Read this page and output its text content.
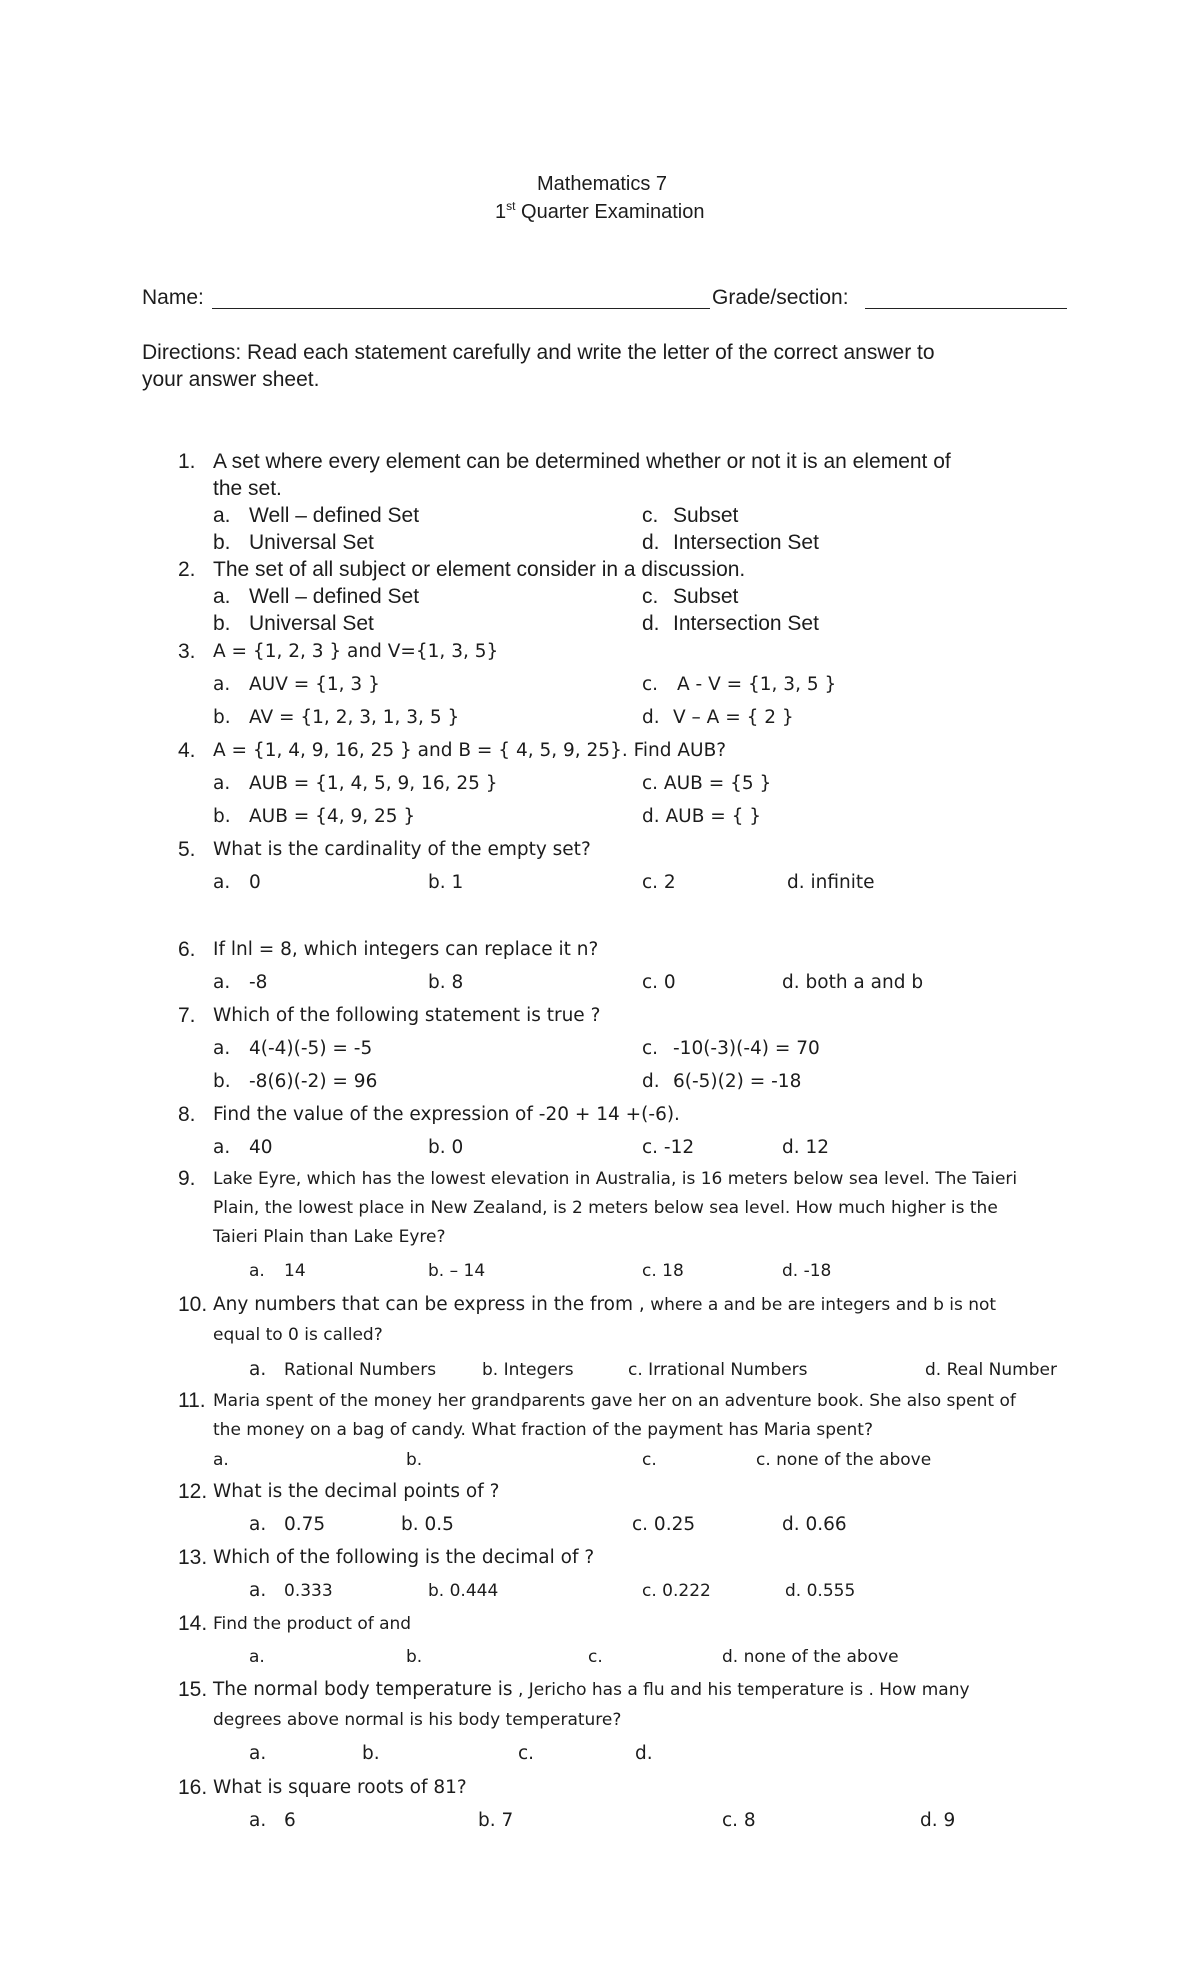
Mathematics 7
1st Quarter Examination
Name:	Grade/section:
Directions: Read each statement carefully and write the letter of the correct answer to
your answer sheet.
1. A set where every element can be determined whether or not it is an element of
the set.
a. Well – defined Set	c. Subset
b. Universal Set	d. Intersection Set
2. The set of all subject or element consider in a discussion.
a. Well – defined Set	c. Subset
b. Universal Set	d. Intersection Set
3. A = {1, 2, 3 } and V={1, 3, 5}
a. AUV = {1, 3 }	c. A - V = {1, 3, 5 }
b. AV = {1, 2, 3, 1, 3, 5 }	d. V – A = { 2 }
4. A = {1, 4, 9, 16, 25 } and B = { 4, 5, 9, 25}. Find AUB?
a. AUB = {1, 4, 5, 9, 16, 25 }	c. AUB = {5 }
b. AUB = {4, 9, 25 }	d. AUB = { }
5. What is the cardinality of the empty set?
a. 0	b. 1	c. 2	d. infinite
6. If lnl = 8, which integers can replace it n?
a. -8	b. 8	c. 0	d. both a and b
7. Which of the following statement is true ?
a. 4(-4)(-5) = -5	c. -10(-3)(-4) = 70
b. -8(6)(-2) = 96	d. 6(-5)(2) = -18
8. Find the value of the expression of -20 + 14 +(-6).
a. 40	b. 0	c. -12	d. 12
9. Lake Eyre, which has the lowest elevation in Australia, is 16 meters below sea level. The Taieri
Plain, the lowest place in New Zealand, is 2 meters below sea level. How much higher is the
Taieri Plain than Lake Eyre?
a. 14	b. – 14	c. 18	d. -18
10. Any numbers that can be express in the from , where a and be are integers and b is not
equal to 0 is called?
a. Rational Numbers	b. Integers	c. Irrational Numbers	d. Real Number
11. Maria spent of the money her grandparents gave her on an adventure book. She also spent of
the money on a bag of candy. What fraction of the payment has Maria spent?
a.	b.	c.	c. none of the above
12. What is the decimal points of ?
a. 0.75	b. 0.5	c. 0.25	d. 0.66
13. Which of the following is the decimal of ?
a. 0.333	b. 0.444	c. 0.222	d. 0.555
14. Find the product of and
a.	b.	c.	d. none of the above
15. The normal body temperature is , Jericho has a flu and his temperature is . How many
degrees above normal is his body temperature?
a.	b.	c.	d.
16. What is square roots of 81?
a. 6	b. 7	c. 8	d. 9
